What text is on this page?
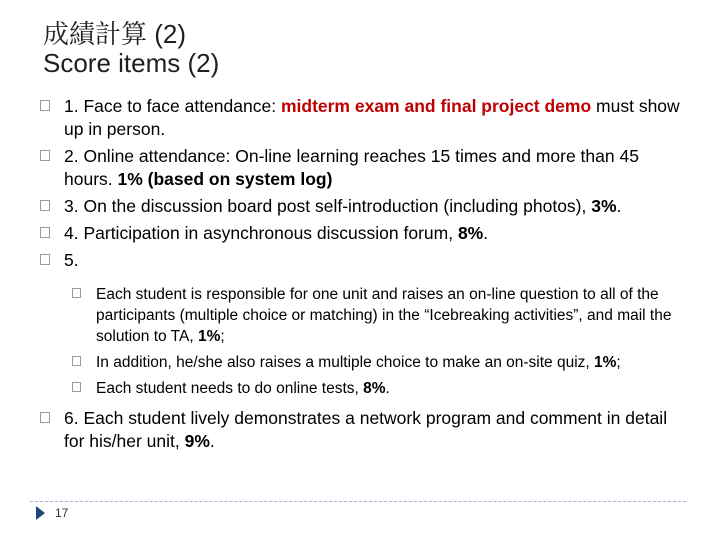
成績計算 (2)
Score items (2)
1. Face to face attendance: midterm exam and final project demo must show up in person.
2. Online attendance: On-line learning reaches 15 times and more than 45 hours. 1% (based on system log)
3. On the discussion board post self-introduction (including photos), 3%.
4. Participation in asynchronous discussion forum, 8%.
5.
Each student is responsible for one unit and raises an on-line question to all of the participants (multiple choice or matching) in the “Icebreaking activities”, and mail the solution to TA, 1%;
In addition, he/she also raises a multiple choice to make an on-site quiz, 1%;
Each student needs to do online tests, 8%.
6. Each student lively demonstrates a network program and comment in detail for his/her unit, 9%.
17
